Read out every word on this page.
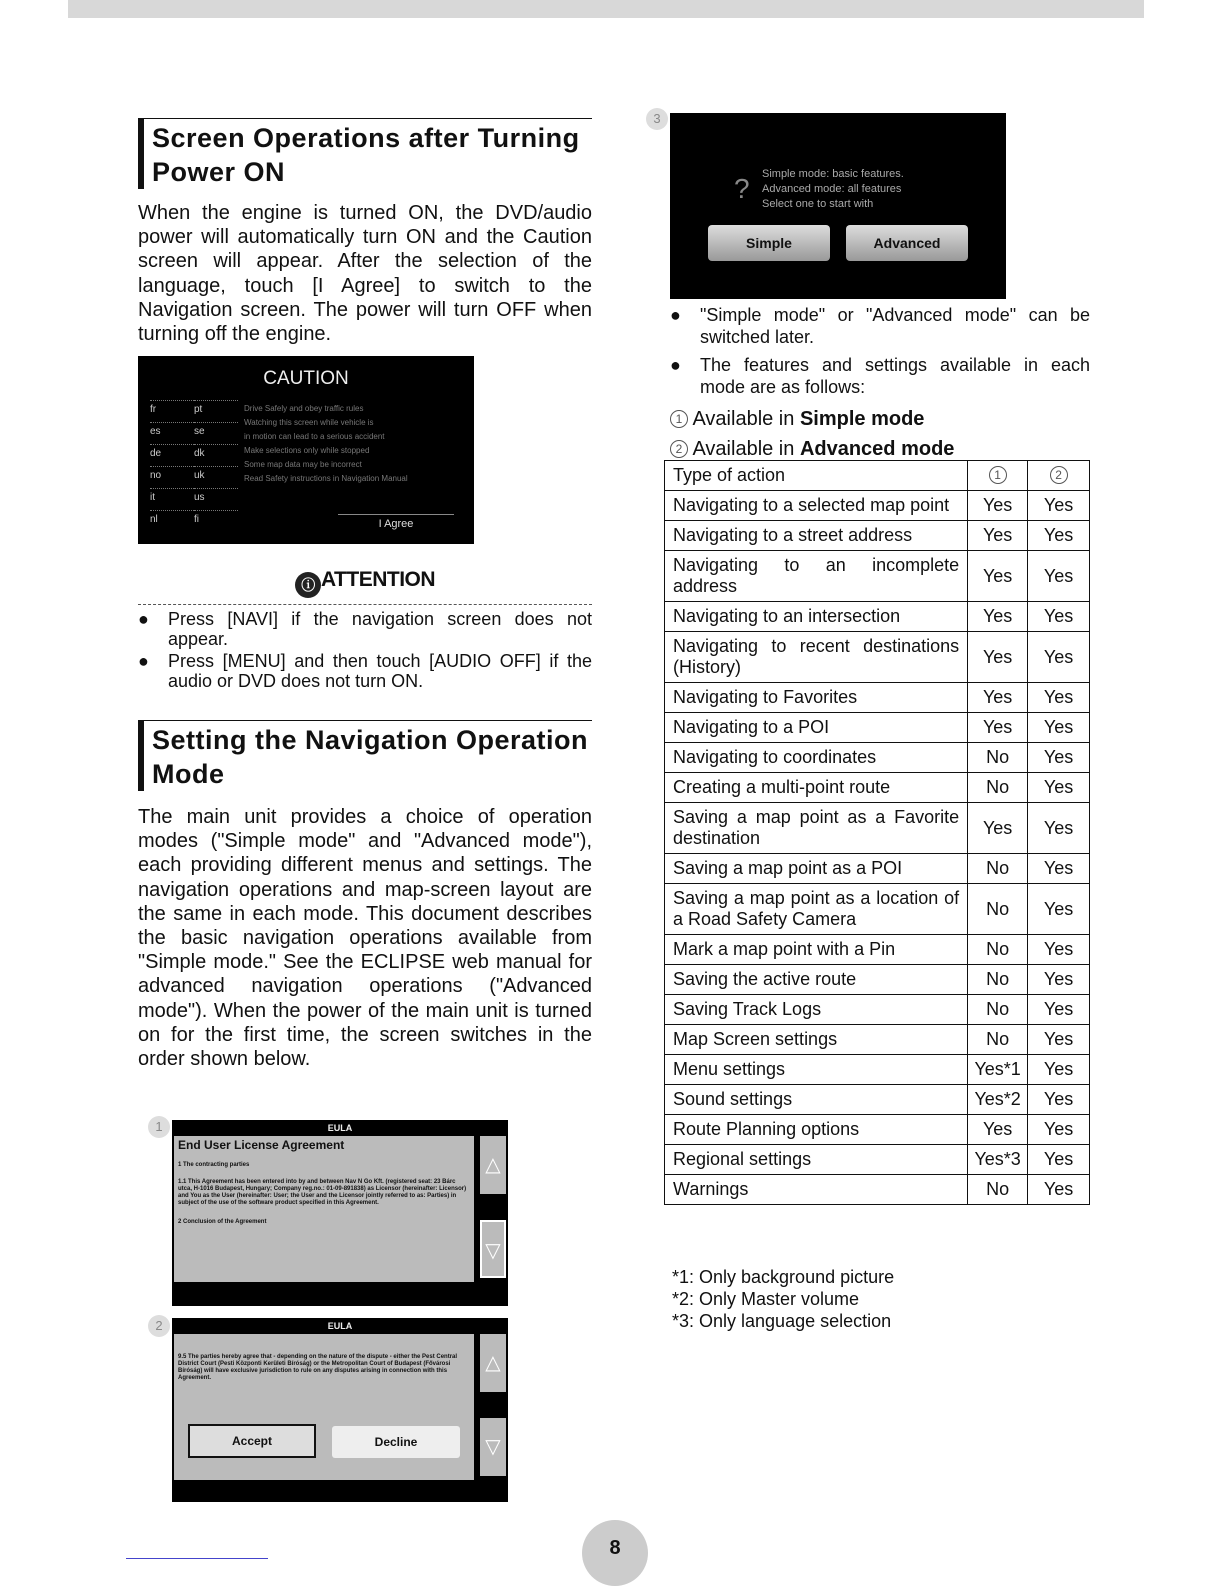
Screen Operations after Turning Power ON

When the engine is turned ON, the DVD/audio power will automatically turn ON and the Caution screen will appear. After the selection of the language, touch [I Agree] to switch to the Navigation screen. The power will turn OFF when turning off the engine.

CAUTION
fr	pt
es	se
de	dk
no	uk
it	us
nl	fi
Drive Safely and obey traffic rules
Watching this screen while vehicle is
in motion can lead to a serious accident
Make selections only while stopped
Some map data may be incorrect
Read Safety instructions in Navigation Manual
I Agree
ⓘ ATTENTION
● Press [NAVI] if the navigation screen does not appear.
● Press [MENU] and then touch [AUDIO OFF] if the audio or DVD does not turn ON.
Setting the Navigation Operation Mode

The main unit provides a choice of operation modes ("Simple mode" and "Advanced mode"), each providing different menus and settings. The navigation operations and map-screen layout are the same in each mode. This document describes the basic navigation operations available from "Simple mode." See the ECLIPSE web manual for advanced navigation operations ("Advanced mode"). When the power of the main unit is turned on for the first time, the screen switches in the order shown below.

1	EULA
End User License Agreement
1 The contracting parties
1.1 This Agreement has been entered into by and between Nav N Go Kft. (registered seat: 23 Bárc utca, H-1016 Budapest, Hungary; Company reg.no.: 01-09-891838) as Licensor (hereinafter: Licensor) and You as the User (hereinafter: User; the User and the Licensor jointly referred to as: Parties) in subject of the use of the software product specified in this Agreement.
2 Conclusion of the Agreement
△
▽
2	EULA
9.5 The parties hereby agree that - depending on the nature of the dispute - either the Pest Central District Court (Pesti Központi Kerületi Bíróság) or the Metropolitan Court of Budapest (Fővárosi Bíróság) will have exclusive jurisdiction to rule on any disputes arising in connection with this Agreement.
Accept	Decline
△
▽
3
? Simple mode: basic features.
Advanced mode: all features
Select one to start with
Simple	Advanced
● "Simple mode" or "Advanced mode" can be switched later.
● The features and settings available in each mode are as follows:
1 Available in Simple mode
2 Available in Advanced mode
Type of action	1	2
Navigating to a selected map point	Yes	Yes
Navigating to a street address	Yes	Yes
Navigating to an incomplete address	Yes	Yes
Navigating to an intersection	Yes	Yes
Navigating to recent destinations (History)	Yes	Yes
Navigating to Favorites	Yes	Yes
Navigating to a POI	Yes	Yes
Navigating to coordinates	No	Yes
Creating a multi-point route	No	Yes
Saving a map point as a Favorite destination	Yes	Yes
Saving a map point as a POI	No	Yes
Saving a map point as a location of a Road Safety Camera	No	Yes
Mark a map point with a Pin	No	Yes
Saving the active route	No	Yes
Saving Track Logs	No	Yes
Map Screen settings	No	Yes
Menu settings	Yes*1	Yes
Sound settings	Yes*2	Yes
Route Planning options	Yes	Yes
Regional settings	Yes*3	Yes
Warnings	No	Yes
*1: Only background picture
*2: Only Master volume
*3: Only language selection
8
